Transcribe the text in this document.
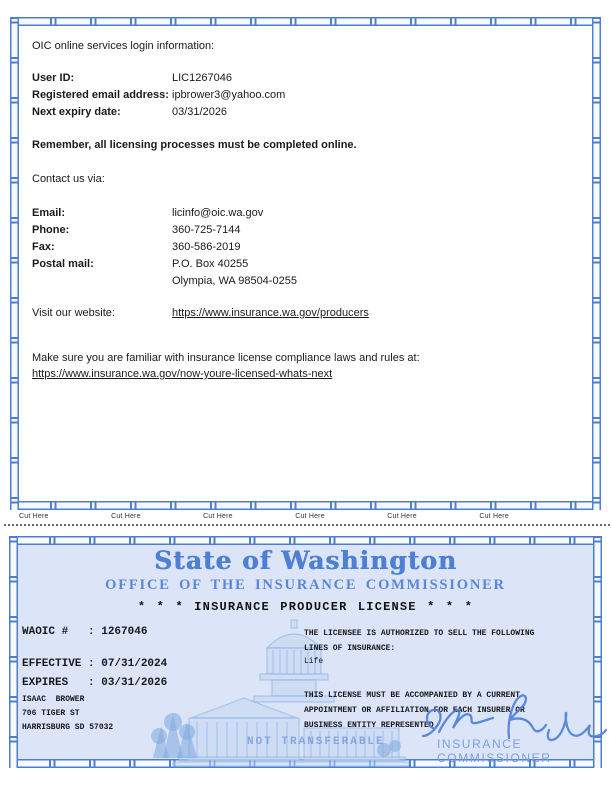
OIC online services login information:
User ID:	LIC1267046
Registered email address: ipbrower3@yahoo.com
Next expiry date:	03/31/2026
Remember, all licensing processes must be completed online.
Contact us via:
Email:	licinfo@oic.wa.gov
Phone:	360-725-7144
Fax:	360-586-2019
Postal mail:	P.O. Box 40255
Olympia, WA 98504-0255
Visit our website:	https://www.insurance.wa.gov/producers
Make sure you are familiar with insurance license compliance laws and rules at:
https://www.insurance.wa.gov/now-youre-licensed-whats-next
Cut Here	Cut Here	Cut Here	Cut Here	Cut Here	Cut Here
State of Washington
OFFICE OF THE INSURANCE COMMISSIONER
* * * INSURANCE PRODUCER LICENSE * * *
WAOIC #   : 1267046
EFFECTIVE : 07/31/2024
EXPIRES   : 03/31/2026
ISAAC  BROWER
706 TIGER ST
HARRISBURG SD 57032
THE LICENSEE IS AUTHORIZED TO SELL THE FOLLOWING LINES OF INSURANCE:
Life
THIS LICENSE MUST BE ACCOMPANIED BY A CURRENT APPOINTMENT OR AFFILIATION FOR EACH INSURER OR BUSINESS ENTITY REPRESENTED.
NOT TRANSFERABLE	INSURANCE COMMISSIONER
